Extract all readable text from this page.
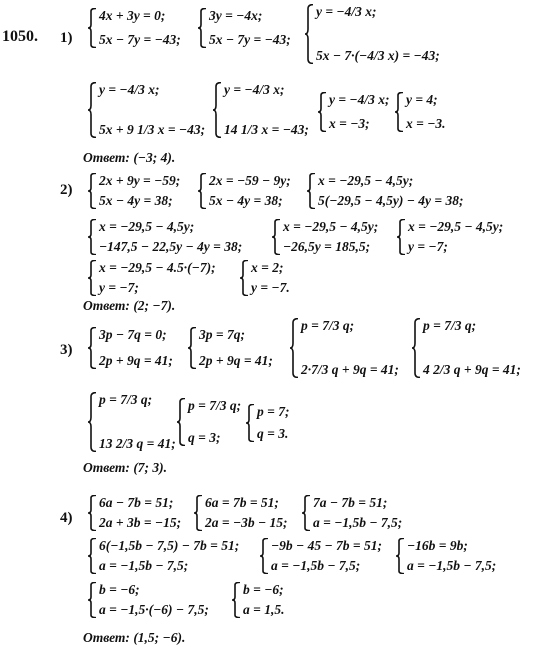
1050. 1)
4x + 3y = 0;
5x − 7y = −43;
3y = −4x;
5x − 7y = −43;
y = −4/3 x;
5x − 7·(−4/3 x) = −43;
y = −4/3 x;
5x + 9 1/3 x = −43;
y = −4/3 x;
14 1/3 x = −43;
y = −4/3 x;
x = −3;
y = 4;
x = −3.
2x + 9y = −59;
5x − 4y = 38;
2x = −59 − 9y;
5x − 4y = 38;
x = −29,5 − 4,5y;
5(−29,5 − 4,5y) − 4y = 38;
x = −29,5 − 4,5y;
−147,5 − 22,5y − 4y = 38;
x = −29,5 − 4,5y;
−26,5y = 185,5;
x = −29,5 − 4,5y;
y = −7;
x = −29,5 − 4.5·(−7);
y = −7;
x = 2;
y = −7.
3p − 7q = 0;
2p + 9q = 41;
3p = 7q;
2p + 9q = 41;
p = 7/3 q;
2·7/3 q + 9q = 41;
p = 7/3 q;
4 2/3 q + 9q = 41;
p = 7/3 q;
13 2/3 q = 41;
p = 7/3 q;
q = 3;
p = 7;
q = 3.
6a − 7b = 51;
2a + 3b = −15;
6a = 7b = 51;
2a = −3b − 15;
7a − 7b = 51;
a = −1,5b − 7,5;
6(−1,5b − 7,5) − 7b = 51;
a = −1,5b − 7,5;
−9b − 45 − 7b = 51;
a = −1,5b − 7,5;
−16b = 9b;
a = −1,5b − 7,5;
b = −6;
a = −1,5·(−6) − 7,5;
b = −6;
a = 1,5.
Ответ: (−3; 4).
2)
Ответ: (2; −7).
3)
Ответ: (7; 3).
4)
Ответ: (1,5; −6).
